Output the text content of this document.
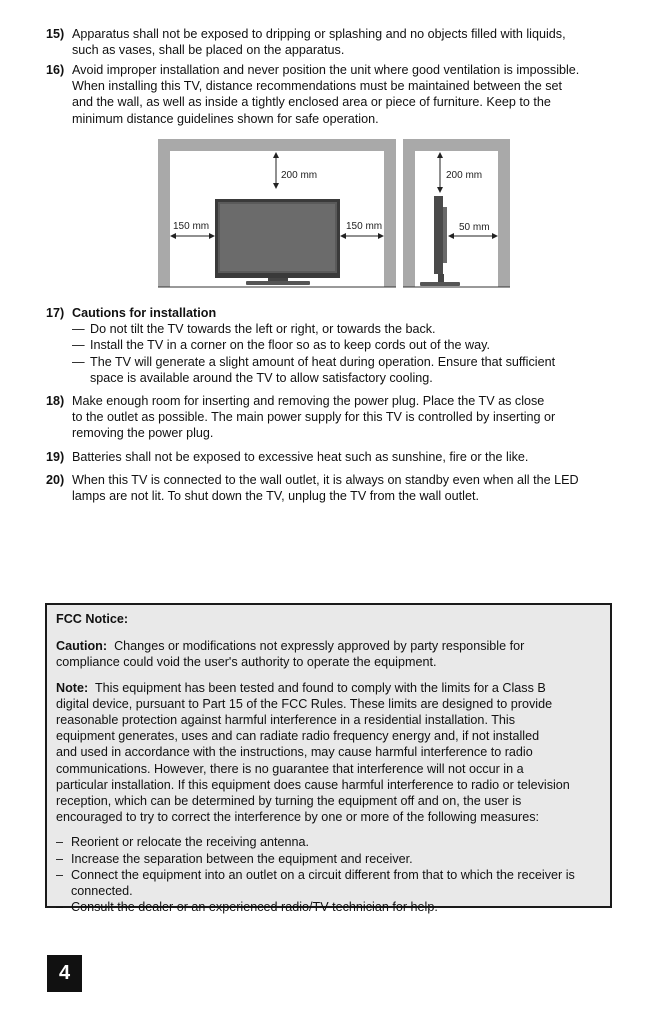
15) Apparatus shall not be exposed to dripping or splashing and no objects filled with liquids,
such as vases, shall be placed on the apparatus.
16) Avoid improper installation and never position the unit where good ventilation is impossible.
When installing this TV, distance recommendations must be maintained between the set
and the wall, as well as inside a tightly enclosed area or piece of furniture. Keep to the
minimum distance guidelines shown for safe operation.
200 mm
150 mm	150 mm
200 mm
50 mm
17) Cautions for installation
— Do not tilt the TV towards the left or right, or towards the back.
— Install the TV in a corner on the floor so as to keep cords out of the way.
— The TV will generate a slight amount of heat during operation. Ensure that sufficient
space is available around the TV to allow satisfactory cooling.
18) Make enough room for inserting and removing the power plug. Place the TV as close
to the outlet as possible. The main power supply for this TV is controlled by inserting or
removing the power plug.
19) Batteries shall not be exposed to excessive heat such as sunshine, fire or the like.
20) When this TV is connected to the wall outlet, it is always on standby even when all the LED
lamps are not lit. To shut down the TV, unplug the TV from the wall outlet.

FCC Notice:

Caution: Changes or modifications not expressly approved by party responsible for
compliance could void the user's authority to operate the equipment.
Note: This equipment has been tested and found to comply with the limits for a Class B
digital device, pursuant to Part 15 of the FCC Rules. These limits are designed to provide
reasonable protection against harmful interference in a residential installation. This
equipment generates, uses and can radiate radio frequency energy and, if not installed
and used in accordance with the instructions, may cause harmful interference to radio
communications. However, there is no guarantee that interference will not occur in a
particular installation. If this equipment does cause harmful interference to radio or television
reception, which can be determined by turning the equipment off and on, the user is
encouraged to try to correct the interference by one or more of the following measures:
– Reorient or relocate the receiving antenna.
– Increase the separation between the equipment and receiver.
– Connect the equipment into an outlet on a circuit different from that to which the receiver is
connected.
– Consult the dealer or an experienced radio/TV technician for help.
4
